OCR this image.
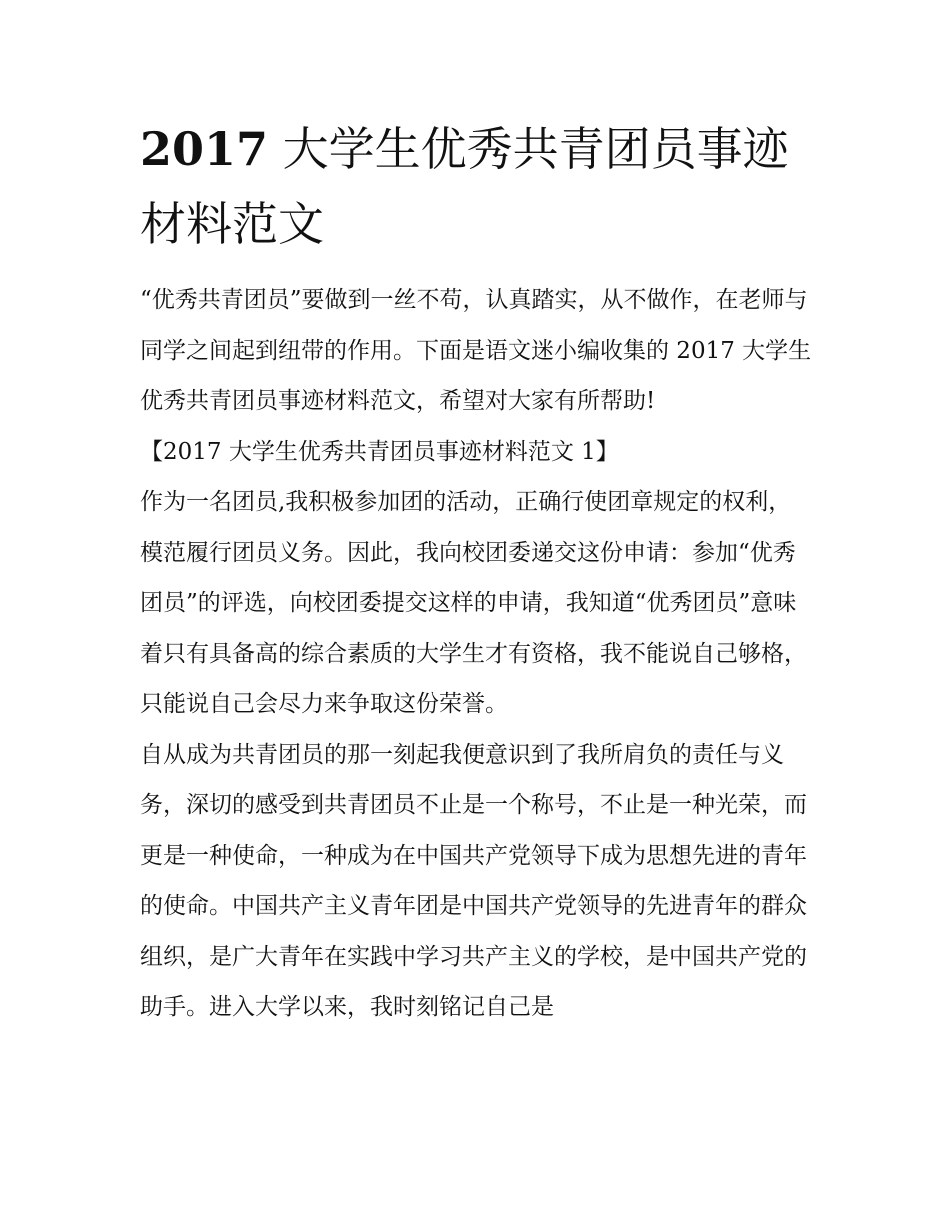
2017 大学生优秀共青团员事迹材料范文

“优秀共青团员”要做到一丝不苟，认真踏实，从不做作，在老师与同学之间起到纽带的作用。下面是语文迷小编收集的 2017 大学生优秀共青团员事迹材料范文，希望对大家有所帮助!

【2017 大学生优秀共青团员事迹材料范文 1】

作为一名团员,我积极参加团的活动，正确行使团章规定的权利，模范履行团员义务。因此，我向校团委递交这份申请：参加“优秀团员”的评选，向校团委提交这样的申请，我知道“优秀团员”意味着只有具备高的综合素质的大学生才有资格，我不能说自己够格，只能说自己会尽力来争取这份荣誉。

自从成为共青团员的那一刻起我便意识到了我所肩负的责任与义务，深切的感受到共青团员不止是一个称号，不止是一种光荣，而更是一种使命，一种成为在中国共产党领导下成为思想先进的青年的使命。中国共产主义青年团是中国共产党领导的先进青年的群众组织，是广大青年在实践中学习共产主义的学校，是中国共产党的助手。进入大学以来，我时刻铭记自己是
